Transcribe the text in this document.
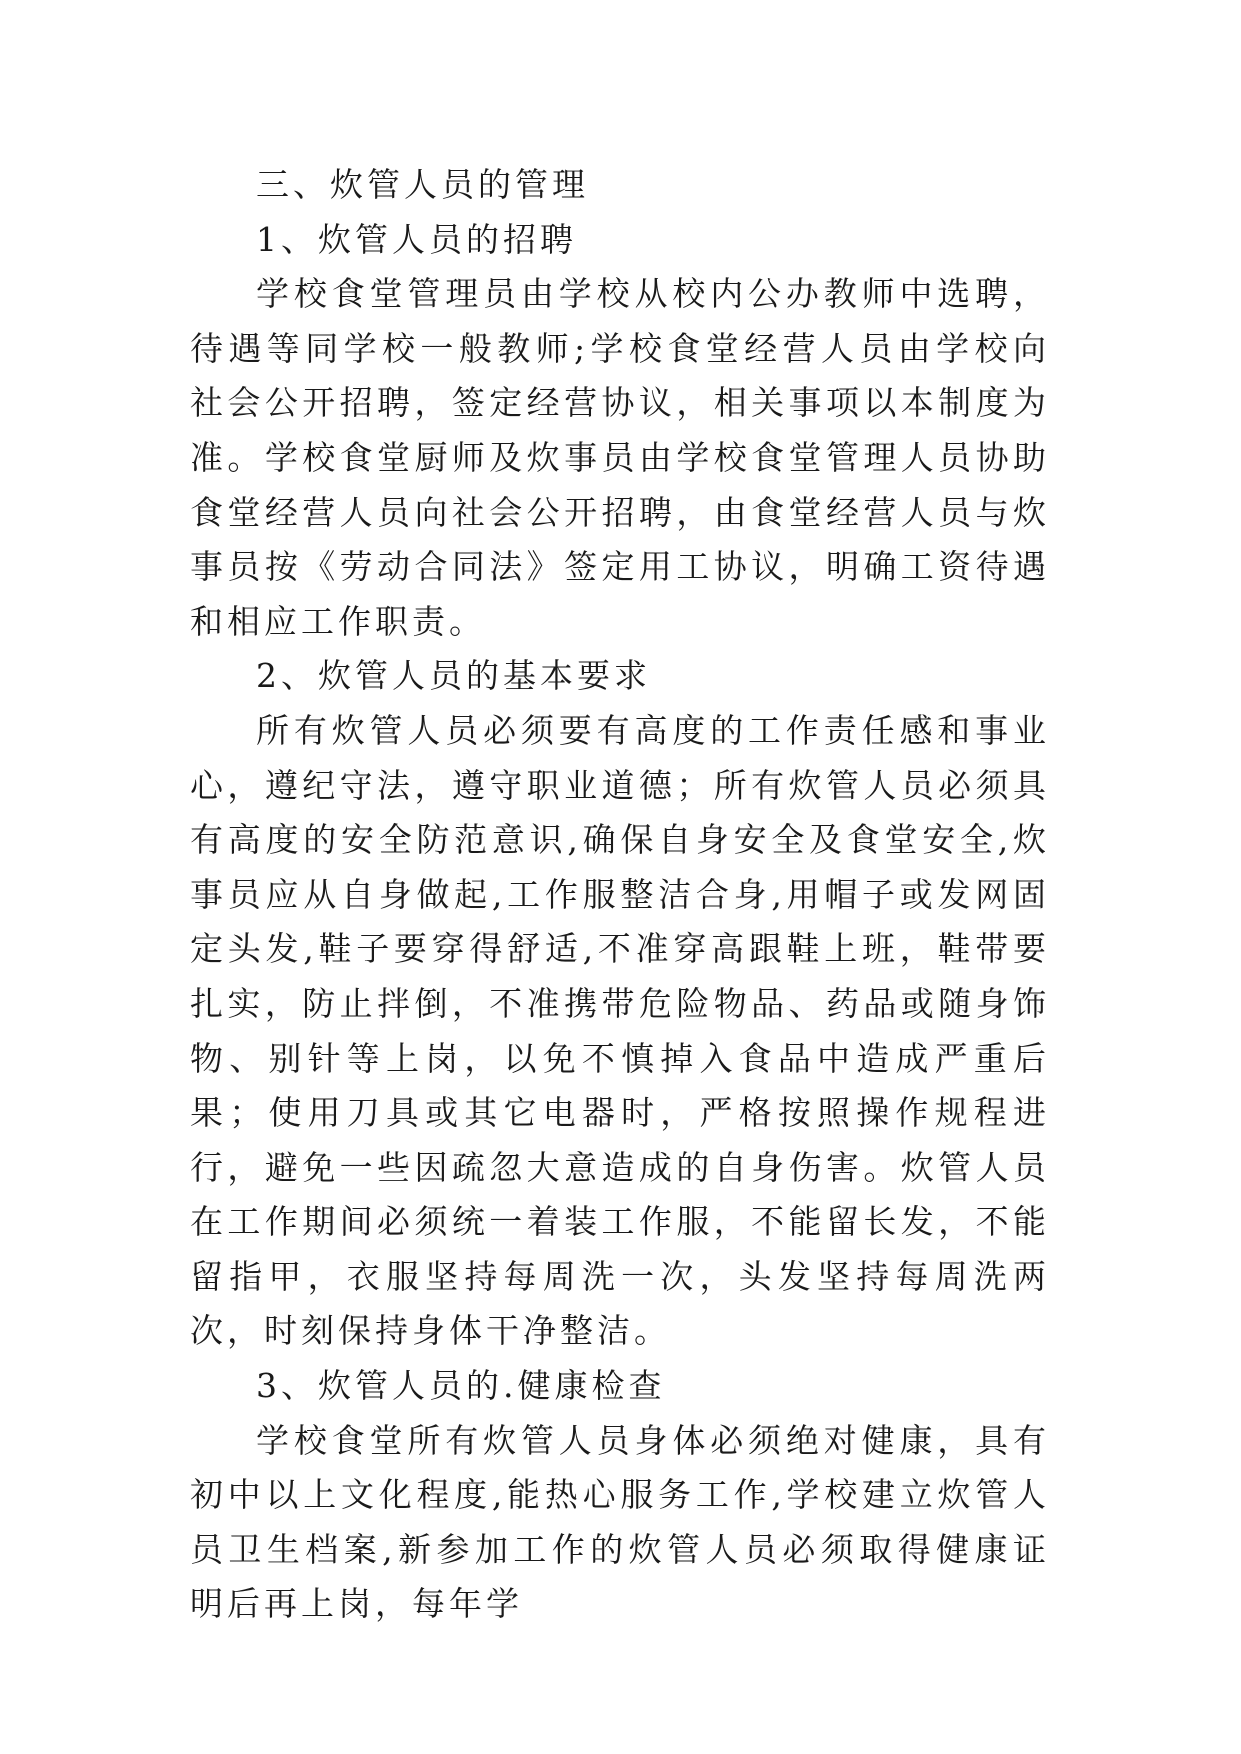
三、炊管人员的管理

1、炊管人员的招聘

学校食堂管理员由学校从校内公办教师中选聘，待遇等同学校一般教师;学校食堂经营人员由学校向社会公开招聘，签定经营协议，相关事项以本制度为准。学校食堂厨师及炊事员由学校食堂管理人员协助食堂经营人员向社会公开招聘，由食堂经营人员与炊事员按《劳动合同法》签定用工协议，明确工资待遇和相应工作职责。

2、炊管人员的基本要求

所有炊管人员必须要有高度的工作责任感和事业心，遵纪守法，遵守职业道德；所有炊管人员必须具有高度的安全防范意识,确保自身安全及食堂安全,炊事员应从自身做起,工作服整洁合身,用帽子或发网固定头发,鞋子要穿得舒适,不准穿高跟鞋上班，鞋带要扎实，防止拌倒，不准携带危险物品、药品或随身饰物、别针等上岗，以免不慎掉入食品中造成严重后果；使用刀具或其它电器时，严格按照操作规程进行，避免一些因疏忽大意造成的自身伤害。炊管人员在工作期间必须统一着装工作服，不能留长发，不能留指甲，衣服坚持每周洗一次，头发坚持每周洗两次，时刻保持身体干净整洁。

3、炊管人员的.健康检查

学校食堂所有炊管人员身体必须绝对健康，具有初中以上文化程度,能热心服务工作,学校建立炊管人员卫生档案,新参加工作的炊管人员必须取得健康证明后再上岗，每年学
